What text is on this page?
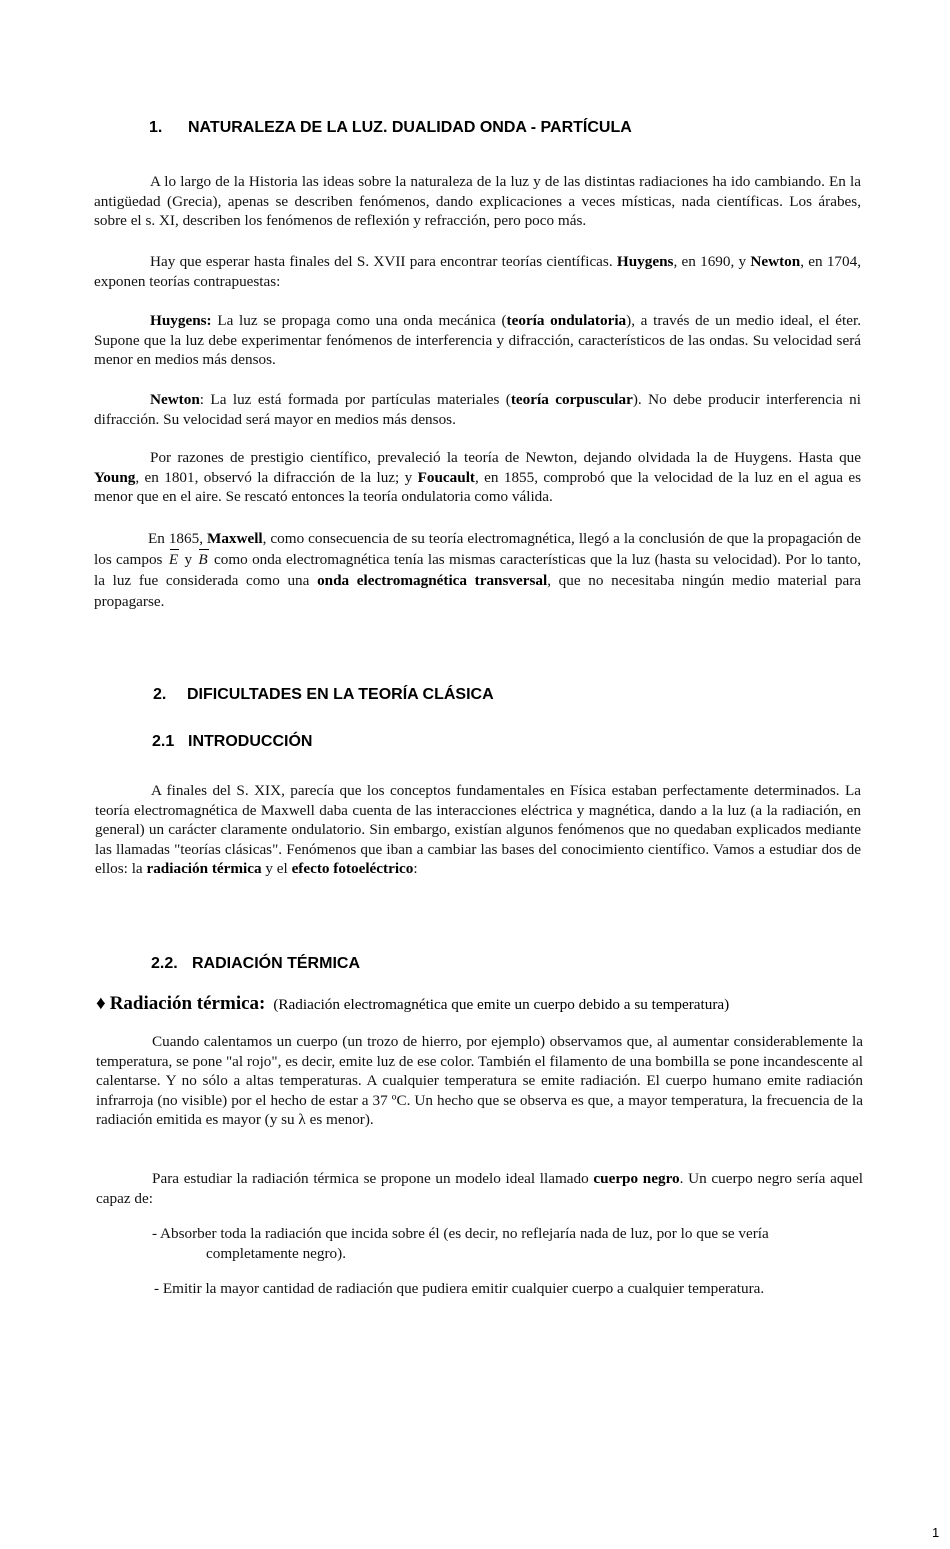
1. NATURALEZA DE LA LUZ. DUALIDAD ONDA - PARTÍCULA

A lo largo de la Historia las ideas sobre la naturaleza de la luz y de las distintas radiaciones ha ido cambiando. En la antigüedad (Grecia), apenas se describen fenómenos, dando explicaciones a veces místicas, nada científicas. Los árabes, sobre el s. XI, describen los fenómenos de reflexión y refracción, pero poco más.

Hay que esperar hasta finales del S. XVII para encontrar teorías científicas. Huygens, en 1690, y Newton, en 1704, exponen teorías contrapuestas:

Huygens: La luz se propaga como una onda mecánica (teoría ondulatoria), a través de un medio ideal, el éter. Supone que la luz debe experimentar fenómenos de interferencia y difracción, característicos de las ondas. Su velocidad será menor en medios más densos.

Newton: La luz está formada por partículas materiales (teoría corpuscular). No debe producir interferencia ni difracción. Su velocidad será mayor en medios más densos.

Por razones de prestigio científico, prevaleció la teoría de Newton, dejando olvidada la de Huygens. Hasta que Young, en 1801, observó la difracción de la luz; y Foucault, en 1855, comprobó que la velocidad de la luz en el agua es menor que en el aire. Se rescató entonces la teoría ondulatoria como válida.

En 1865, Maxwell, como consecuencia de su teoría electromagnética, llegó a la conclusión de que la propagación de los campos E y B como onda electromagnética tenía las mismas características que la luz (hasta su velocidad). Por lo tanto, la luz fue considerada como una onda electromagnética transversal, que no necesitaba ningún medio material para propagarse.

2. DIFICULTADES EN LA TEORÍA CLÁSICA
2.1 INTRODUCCIÓN

A finales del S. XIX, parecía que los conceptos fundamentales en Física estaban perfectamente determinados. La teoría electromagnética de Maxwell daba cuenta de las interacciones eléctrica y magnética, dando a la luz (a la radiación, en general) un carácter claramente ondulatorio. Sin embargo, existían algunos fenómenos que no quedaban explicados mediante las llamadas "teorías clásicas". Fenómenos que iban a cambiar las bases del conocimiento científico. Vamos a estudiar dos de ellos: la radiación térmica y el efecto fotoeléctrico:

2.2. RADIACIÓN TÉRMICA
♦ Radiación térmica: (Radiación electromagnética que emite un cuerpo debido a su temperatura)

Cuando calentamos un cuerpo (un trozo de hierro, por ejemplo) observamos que, al aumentar considerablemente la temperatura, se pone "al rojo", es decir, emite luz de ese color. También el filamento de una bombilla se pone incandescente al calentarse. Y no sólo a altas temperaturas. A cualquier temperatura se emite radiación. El cuerpo humano emite radiación infrarroja (no visible) por el hecho de estar a 37 ºC. Un hecho que se observa es que, a mayor temperatura, la frecuencia de la radiación emitida es mayor (y su λ es menor).

Para estudiar la radiación térmica se propone un modelo ideal llamado cuerpo negro. Un cuerpo negro sería aquel capaz de:

- Absorber toda la radiación que incida sobre él (es decir, no reflejaría nada de luz, por lo que se vería
completamente negro).
- Emitir la mayor cantidad de radiación que pudiera emitir cualquier cuerpo a cualquier temperatura.
1
